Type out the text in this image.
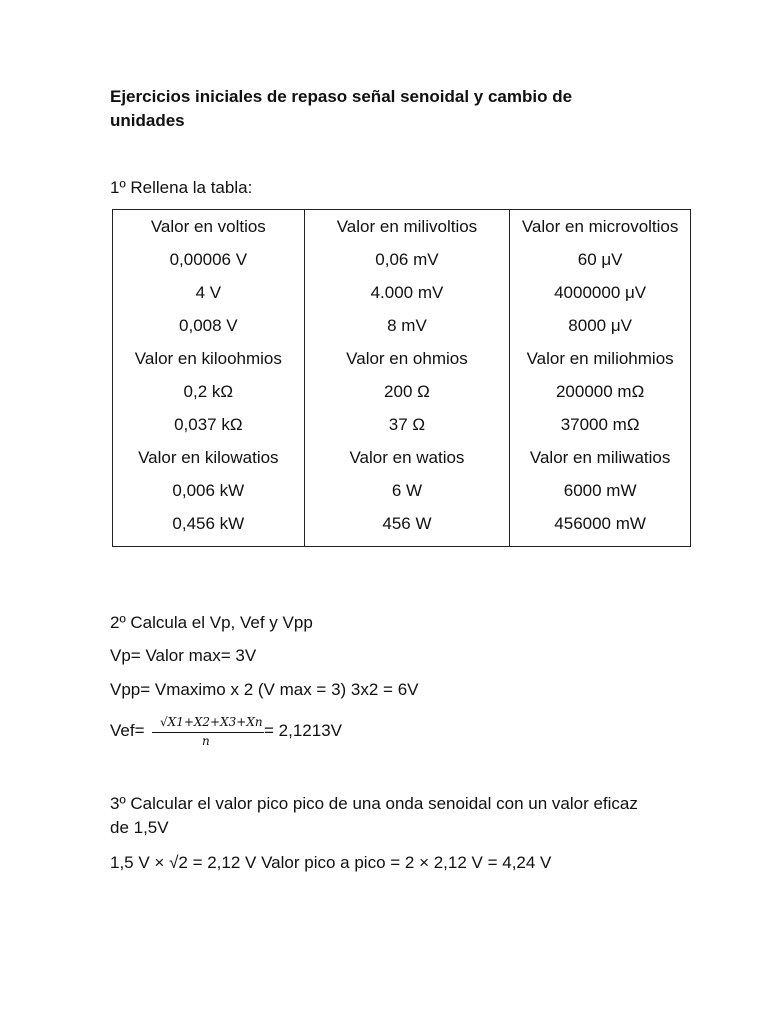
Ejercicios iniciales de repaso señal senoidal y cambio de unidades
1º Rellena la tabla:
Valor en voltios	Valor en milivoltios	Valor en microvoltios
0,00006 V	0,06 mV	60 μV
4 V	4.000 mV	4000000 μV
0,008 V	8 mV	8000 μV
Valor en kiloohmios	Valor en ohmios	Valor en miliohmios
0,2 kΩ	200 Ω	200000 mΩ
0,037 kΩ	37 Ω	37000 mΩ
Valor en kilowatios	Valor en watios	Valor en miliwatios
0,006 kW	6 W	6000 mW
0,456 kW	456 W	456000 mW
2º Calcula el Vp, Vef y Vpp
Vp= Valor max= 3V
Vpp= Vmaximo x 2 (V max = 3) 3x2 = 6V
Vef= √X1+X2+X3+Xn
n
= 2,1213V
3º Calcular el valor pico pico de una onda senoidal con un valor eficaz de 1,5V
1,5 V × √2 = 2,12 V Valor pico a pico = 2 × 2,12 V = 4,24 V
